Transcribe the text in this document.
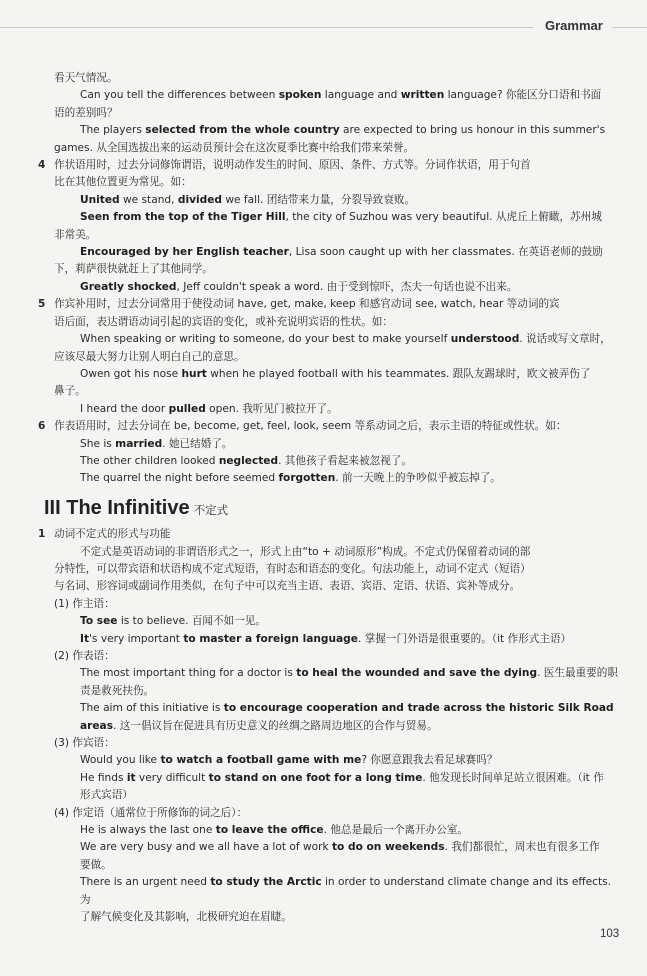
Grammar

看天气情况。

Can you tell the differences between spoken language and written language? 你能区分口语和书面

语的差别吗？

The players selected from the whole country are expected to bring us honour in this summer's

games. 从全国选拔出来的运动员预计会在这次夏季比赛中给我们带来荣誉。

4 作状语用时，过去分词修饰谓语，说明动作发生的时间、原因、条件、方式等。分词作状语，用于句首

比在其他位置更为常见。如：

United we stand, divided we fall. 团结带来力量，分裂导致衰败。

Seen from the top of the Tiger Hill, the city of Suzhou was very beautiful. 从虎丘上俯瞰，苏州城

非常美。

Encouraged by her English teacher, Lisa soon caught up with her classmates. 在英语老师的鼓励

下，莉萨很快就赶上了其他同学。

Greatly shocked, Jeff couldn't speak a word. 由于受到惊吓，杰夫一句话也说不出来。

5 作宾补用时，过去分词常用于使役动词 have, get, make, keep 和感官动词 see, watch, hear 等动词的宾

语后面，表达谓语动词引起的宾语的变化，或补充说明宾语的性状。如：

When speaking or writing to someone, do your best to make yourself understood. 说话或写文章时，

应该尽最大努力让别人明白自己的意思。

Owen got his nose hurt when he played football with his teammates. 跟队友踢球时，欧文被弄伤了

鼻子。

I heard the door pulled open. 我听见门被拉开了。

6 作表语用时，过去分词在 be, become, get, feel, look, seem 等系动词之后，表示主语的特征或性状。如：

She is married. 她已结婚了。

The other children looked neglected. 其他孩子看起来被忽视了。

The quarrel the night before seemed forgotten. 前一天晚上的争吵似乎被忘掉了。

III The Infinitive 不定式

1 动词不定式的形式与功能

不定式是英语动词的非谓语形式之一，形式上由“to + 动词原形”构成。不定式仍保留着动词的部

分特性，可以带宾语和状语构成不定式短语，有时态和语态的变化。句法功能上，动词不定式（短语）

与名词、形容词或副词作用类似，在句子中可以充当主语、表语、宾语、定语、状语、宾补等成分。

(1) 作主语：

To see is to believe. 百闻不如一见。

It's very important to master a foreign language. 掌握一门外语是很重要的。（it 作形式主语）

(2) 作表语：

The most important thing for a doctor is to heal the wounded and save the dying. 医生最重要的职

责是救死扶伤。

The aim of this initiative is to encourage cooperation and trade across the historic Silk Road

areas. 这一倡议旨在促进具有历史意义的丝绸之路周边地区的合作与贸易。

(3) 作宾语：

Would you like to watch a football game with me? 你愿意跟我去看足球赛吗？

He finds it very difficult to stand on one foot for a long time. 他发现长时间单足站立很困难。（it 作

形式宾语）

(4) 作定语（通常位于所修饰的词之后）：

He is always the last one to leave the office. 他总是最后一个离开办公室。

We are very busy and we all have a lot of work to do on weekends. 我们都很忙，周末也有很多工作

要做。

There is an urgent need to study the Arctic in order to understand climate change and its effects. 为

了解气候变化及其影响，北极研究迫在眉睫。

103
